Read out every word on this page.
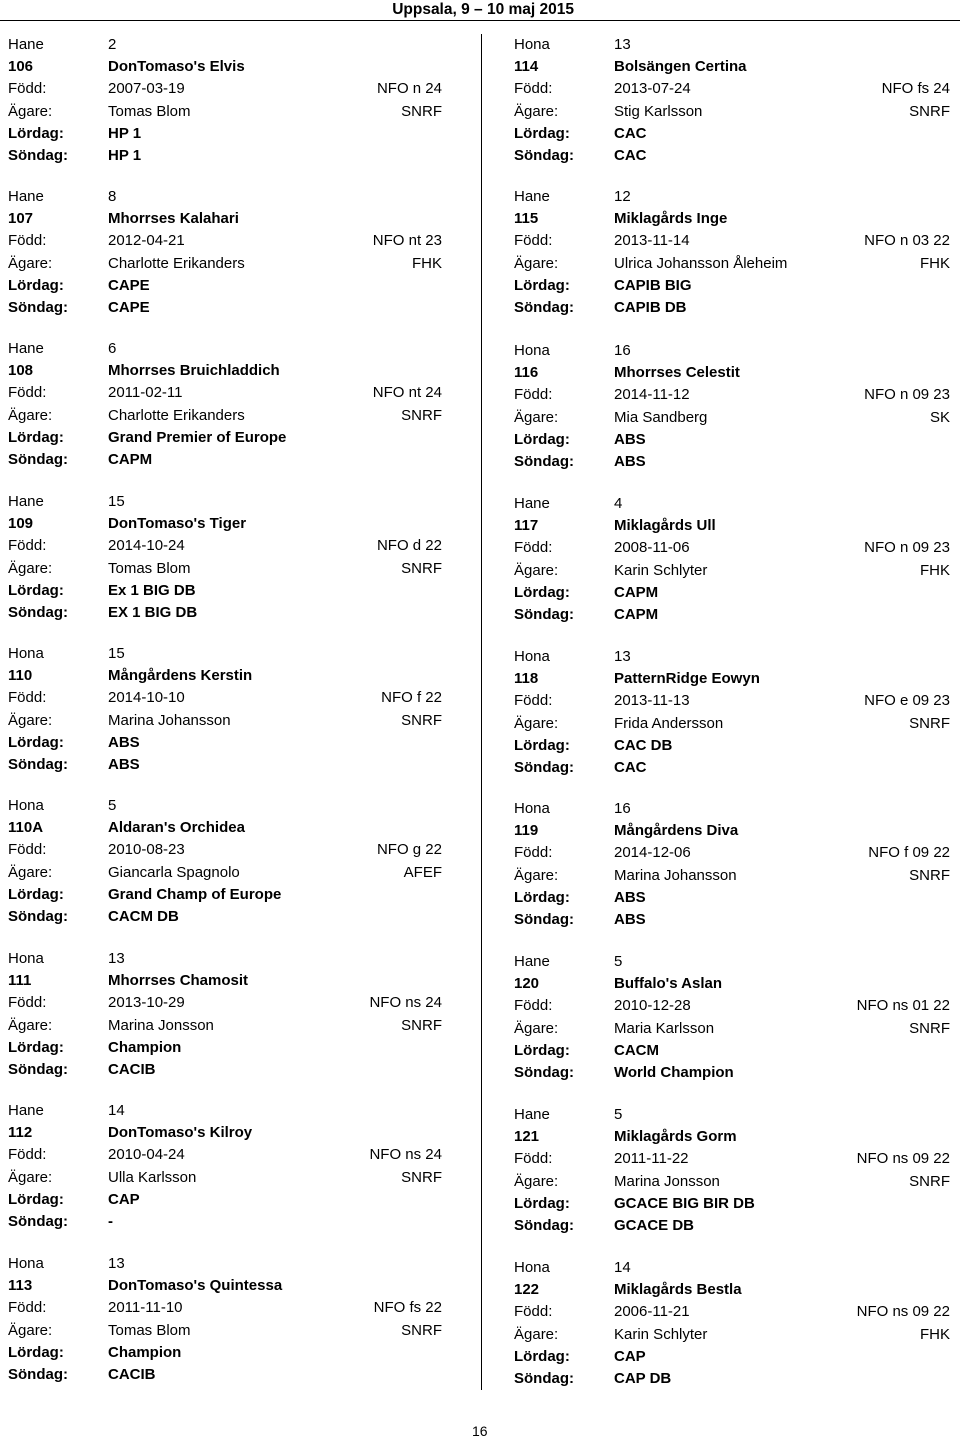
Uppsala, 9 – 10 maj 2015
Hane	2
106	DonTomaso's Elvis
Född:	2007-03-19	NFO n 24
Ägare:	Tomas Blom	SNRF
Lördag:	HP 1
Söndag:	HP 1
Hane	8
107	Mhorrses Kalahari
Född:	2012-04-21	NFO nt 23
Ägare:	Charlotte Erikanders	FHK
Lördag:	CAPE
Söndag:	CAPE
Hane	6
108	Mhorrses Bruichladdich
Född:	2011-02-11	NFO nt 24
Ägare:	Charlotte Erikanders	SNRF
Lördag:	Grand Premier of Europe
Söndag:	CAPM
Hane	15
109	DonTomaso's Tiger
Född:	2014-10-24	NFO d 22
Ägare:	Tomas Blom	SNRF
Lördag:	Ex 1 BIG DB
Söndag:	EX 1 BIG DB
Hona	15
110	Mångårdens Kerstin
Född:	2014-10-10	NFO f 22
Ägare:	Marina Johansson	SNRF
Lördag:	ABS
Söndag:	ABS
Hona	5
110A	Aldaran's Orchidea
Född:	2010-08-23	NFO g 22
Ägare:	Giancarla Spagnolo	AFEF
Lördag:	Grand Champ of Europe
Söndag:	CACM DB
Hona	13
111	Mhorrses Chamosit
Född:	2013-10-29	NFO ns 24
Ägare:	Marina Jonsson	SNRF
Lördag:	Champion
Söndag:	CACIB
Hane	14
112	DonTomaso's Kilroy
Född:	2010-04-24	NFO ns 24
Ägare:	Ulla Karlsson	SNRF
Lördag:	CAP
Söndag:	-
Hona	13
113	DonTomaso's Quintessa
Född:	2011-11-10	NFO fs 22
Ägare:	Tomas Blom	SNRF
Lördag:	Champion
Söndag:	CACIB
Hona	13
114	Bolsängen Certina
Född:	2013-07-24	NFO fs 24
Ägare:	Stig Karlsson	SNRF
Lördag:	CAC
Söndag:	CAC
Hane	12
115	Miklagårds Inge
Född:	2013-11-14	NFO n 03 22
Ägare:	Ulrica Johansson Åleheim	FHK
Lördag:	CAPIB BIG
Söndag:	CAPIB DB
Hona	16
116	Mhorrses Celestit
Född:	2014-11-12	NFO n 09 23
Ägare:	Mia Sandberg	SK
Lördag:	ABS
Söndag:	ABS
Hane	4
117	Miklagårds Ull
Född:	2008-11-06	NFO n 09 23
Ägare:	Karin Schlyter	FHK
Lördag:	CAPM
Söndag:	CAPM
Hona	13
118	PatternRidge Eowyn
Född:	2013-11-13	NFO e 09 23
Ägare:	Frida Andersson	SNRF
Lördag:	CAC DB
Söndag:	CAC
Hona	16
119	Mångårdens Diva
Född:	2014-12-06	NFO f 09 22
Ägare:	Marina Johansson	SNRF
Lördag:	ABS
Söndag:	ABS
Hane	5
120	Buffalo's Aslan
Född:	2010-12-28	NFO ns 01 22
Ägare:	Maria Karlsson	SNRF
Lördag:	CACM
Söndag:	World Champion
Hane	5
121	Miklagårds Gorm
Född:	2011-11-22	NFO ns 09 22
Ägare:	Marina Jonsson	SNRF
Lördag:	GCACE BIG BIR DB
Söndag:	GCACE DB
Hona	14
122	Miklagårds Bestla
Född:	2006-11-21	NFO ns 09 22
Ägare:	Karin Schlyter	FHK
Lördag:	CAP
Söndag:	CAP DB
16
